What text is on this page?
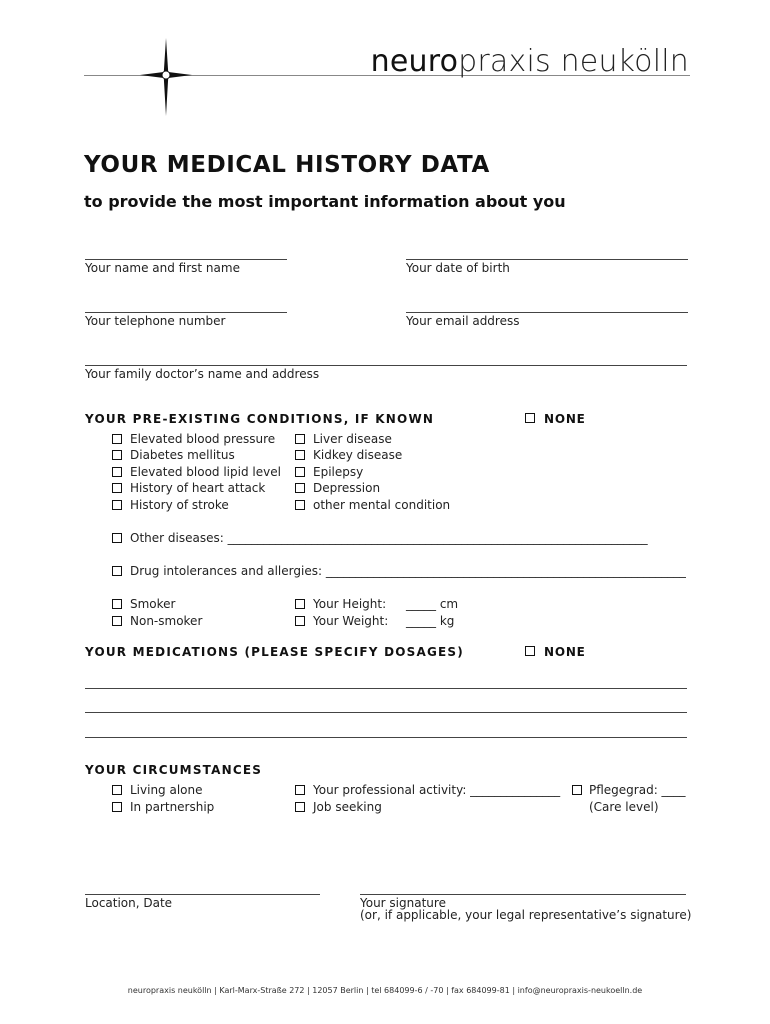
neuropraxis neukölln
YOUR MEDICAL HISTORY DATA
to provide the most important information about you
Your name and first name	Your date of birth
Your telephone number	Your email address
Your family doctor’s name and address
YOUR PRE-EXISTING CONDITIONS, IF KNOWN	NONE
Elevated blood pressure
Diabetes mellitus
Elevated blood lipid level
History of heart attack
History of stroke
Liver disease
Kidkey disease
Epilepsy
Depression
other mental condition
Other diseases: ______________________________________________________________________
Drug intolerances and allergies: ____________________________________________________________
Smoker
Non-smoker
Your Height: _____ cm
Your Weight: _____ kg
YOUR MEDICATIONS (PLEASE SPECIFY DOSAGES)	NONE
YOUR CIRCUMSTANCES
Living alone
In partnership
Your professional activity: _______________
Job seeking
Pflegegrad: ____
(Care level)
Location, Date	Your signature
(or, if applicable, your legal representative’s signature)
neuropraxis neukölln | Karl-Marx-Straße 272 | 12057 Berlin | tel 684099-6 / -70 | fax 684099-81 | info@neuropraxis-neukoelln.de
